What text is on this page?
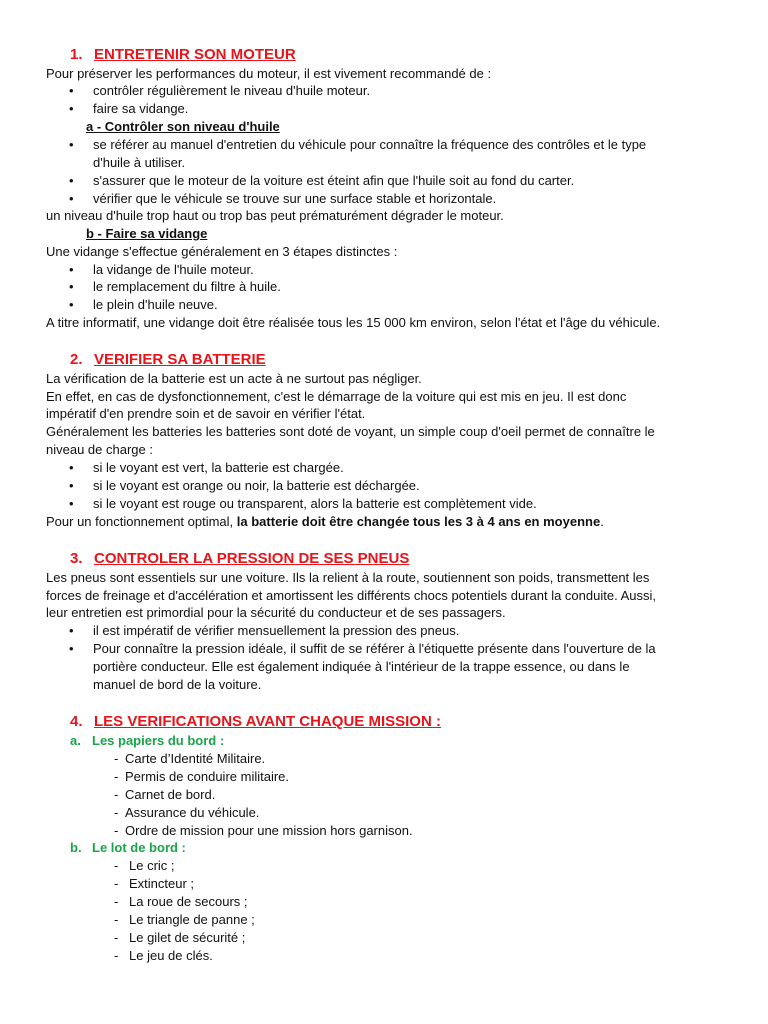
1. ENTRETENIR SON MOTEUR
Pour préserver les performances du moteur, il est vivement recommandé de :
• contrôler régulièrement le niveau d'huile moteur.
• faire sa vidange.
a - Contrôler son niveau d'huile
• se référer au manuel d'entretien du véhicule pour connaître la fréquence des contrôles et le type
d'huile à utiliser.
• s'assurer que le moteur de la voiture est éteint afin que l'huile soit au fond du carter.
• vérifier que le véhicule se trouve sur une surface stable et horizontale.
un niveau d'huile trop haut ou trop bas peut prématurément dégrader le moteur.
b - Faire sa vidange
Une vidange s'effectue généralement en 3 étapes distinctes :
• la vidange de l'huile moteur.
• le remplacement du filtre à huile.
• le plein d'huile neuve.
A titre informatif, une vidange doit être réalisée tous les 15 000 km environ, selon l'état et l'âge du véhicule.
2. VERIFIER SA BATTERIE
La vérification de la batterie est un acte à ne surtout pas négliger.
En effet, en cas de dysfonctionnement, c'est le démarrage de la voiture qui est mis en jeu. Il est donc
impératif d'en prendre soin et de savoir en vérifier l'état.
Généralement les batteries les batteries sont doté de voyant, un simple coup d'oeil permet de connaître le
niveau de charge :
• si le voyant est vert, la batterie est chargée.
• si le voyant est orange ou noir, la batterie est déchargée.
• si le voyant est rouge ou transparent, alors la batterie est complètement vide.
Pour un fonctionnement optimal, la batterie doit être changée tous les 3 à 4 ans en moyenne.
3. CONTROLER LA PRESSION DE SES PNEUS
Les pneus sont essentiels sur une voiture. Ils la relient à la route, soutiennent son poids, transmettent les
forces de freinage et d'accélération et amortissent les différents chocs potentiels durant la conduite. Aussi,
leur entretien est primordial pour la sécurité du conducteur et de ses passagers.
• il est impératif de vérifier mensuellement la pression des pneus.
• Pour connaître la pression idéale, il suffit de se référer à l'étiquette présente dans l'ouverture de la
portière conducteur. Elle est également indiquée à l'intérieur de la trappe essence, ou dans le
manuel de bord de la voiture.
4. LES VERIFICATIONS AVANT CHAQUE MISSION :
a. Les papiers du bord :
- Carte d’Identité Militaire.
- Permis de conduire militaire.
- Carnet de bord.
- Assurance du véhicule.
- Ordre de mission pour une mission hors garnison.
b. Le lot de bord :
- Le cric ;
- Extincteur ;
- La roue de secours ;
- Le triangle de panne ;
- Le gilet de sécurité ;
- Le jeu de clés.
